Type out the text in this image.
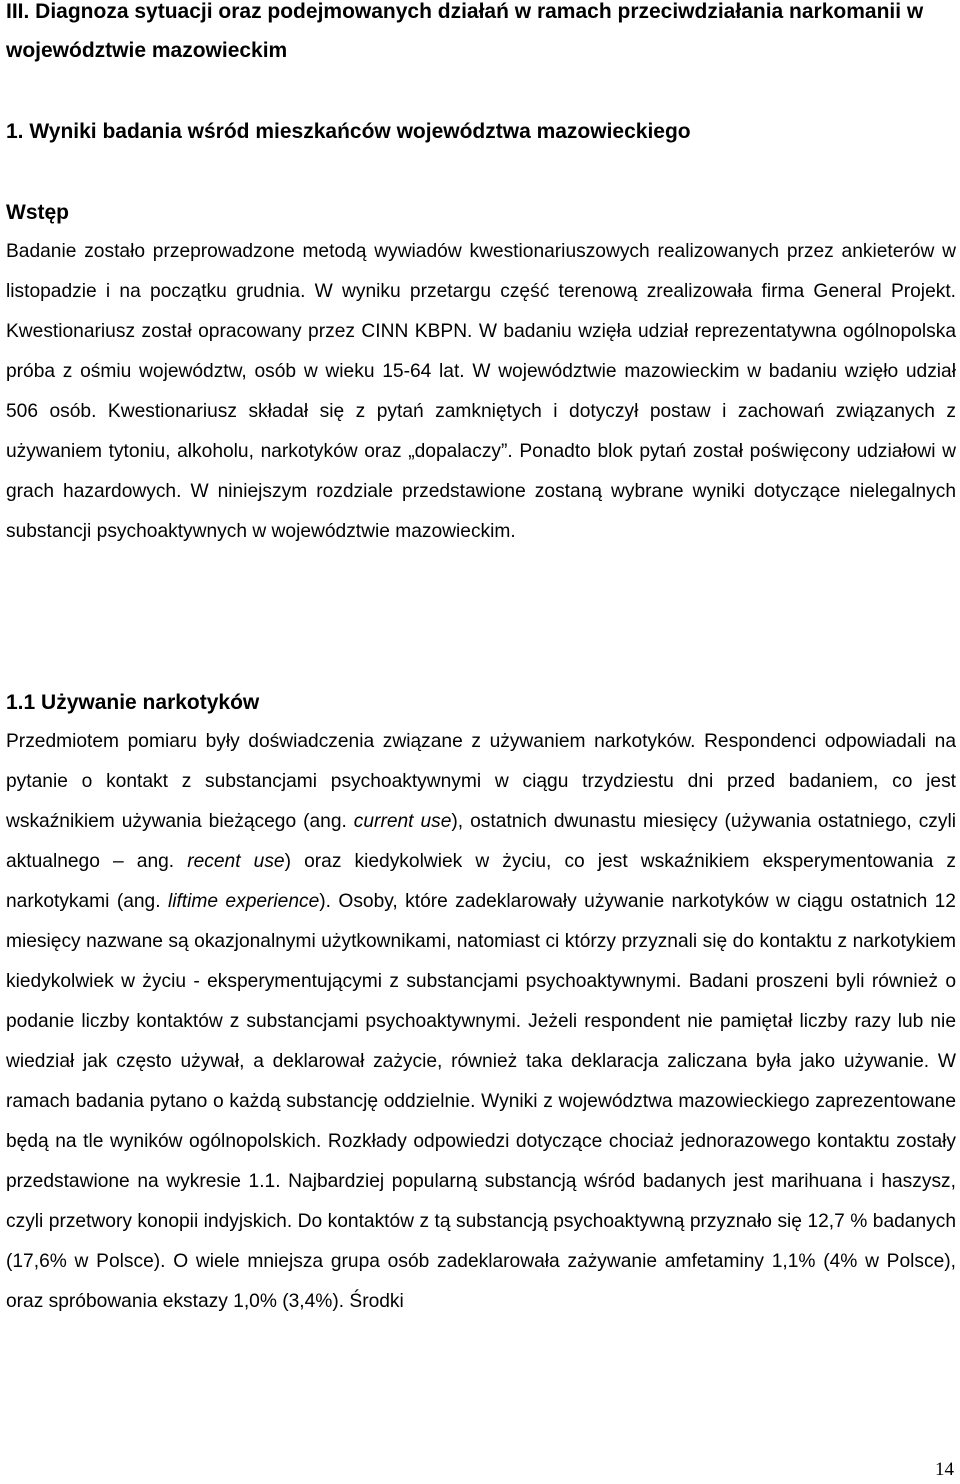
III. Diagnoza sytuacji oraz podejmowanych działań w ramach przeciwdziałania narkomanii w województwie mazowieckim
1. Wyniki badania wśród mieszkańców województwa mazowieckiego
Wstęp

Badanie zostało przeprowadzone metodą wywiadów kwestionariuszowych realizowanych przez ankieterów w listopadzie i na początku grudnia. W wyniku przetargu część terenową zrealizowała firma General Projekt. Kwestionariusz został opracowany przez CINN KBPN. W badaniu wzięła udział reprezentatywna ogólnopolska próba z ośmiu województw, osób w wieku 15-64 lat. W województwie mazowieckim w badaniu wzięło udział 506 osób. Kwestionariusz składał się z pytań zamkniętych i dotyczył postaw i zachowań związanych z używaniem tytoniu, alkoholu, narkotyków oraz „dopalaczy”. Ponadto blok pytań został poświęcony udziałowi w grach hazardowych. W niniejszym rozdziale przedstawione zostaną wybrane wyniki dotyczące nielegalnych substancji psychoaktywnych w województwie mazowieckim.

1.1 Używanie narkotyków

Przedmiotem pomiaru były doświadczenia związane z używaniem narkotyków. Respondenci odpowiadali na pytanie o kontakt z substancjami psychoaktywnymi w ciągu trzydziestu dni przed badaniem, co jest wskaźnikiem używania bieżącego (ang. current use), ostatnich dwunastu miesięcy (używania ostatniego, czyli aktualnego – ang. recent use) oraz kiedykolwiek w życiu, co jest wskaźnikiem eksperymentowania z narkotykami (ang. liftime experience). Osoby, które zadeklarowały używanie narkotyków w ciągu ostatnich 12 miesięcy nazwane są okazjonalnymi użytkownikami, natomiast ci którzy przyznali się do kontaktu z narkotykiem kiedykolwiek w życiu - eksperymentującymi z substancjami psychoaktywnymi. Badani proszeni byli również o podanie liczby kontaktów z substancjami psychoaktywnymi. Jeżeli respondent nie pamiętał liczby razy lub nie wiedział jak często używał, a deklarował zażycie, również taka deklaracja zaliczana była jako używanie. W ramach badania pytano o każdą substancję oddzielnie. Wyniki z województwa mazowieckiego zaprezentowane będą na tle wyników ogólnopolskich. Rozkłady odpowiedzi dotyczące chociaż jednorazowego kontaktu zostały przedstawione na wykresie 1.1. Najbardziej popularną substancją wśród badanych jest marihuana i haszysz, czyli przetwory konopii indyjskich. Do kontaktów z tą substancją psychoaktywną przyznało się 12,7 % badanych (17,6% w Polsce). O wiele mniejsza grupa osób zadeklarowała zażywanie amfetaminy 1,1% (4% w Polsce), oraz spróbowania ekstazy 1,0% (3,4%). Środki

14
